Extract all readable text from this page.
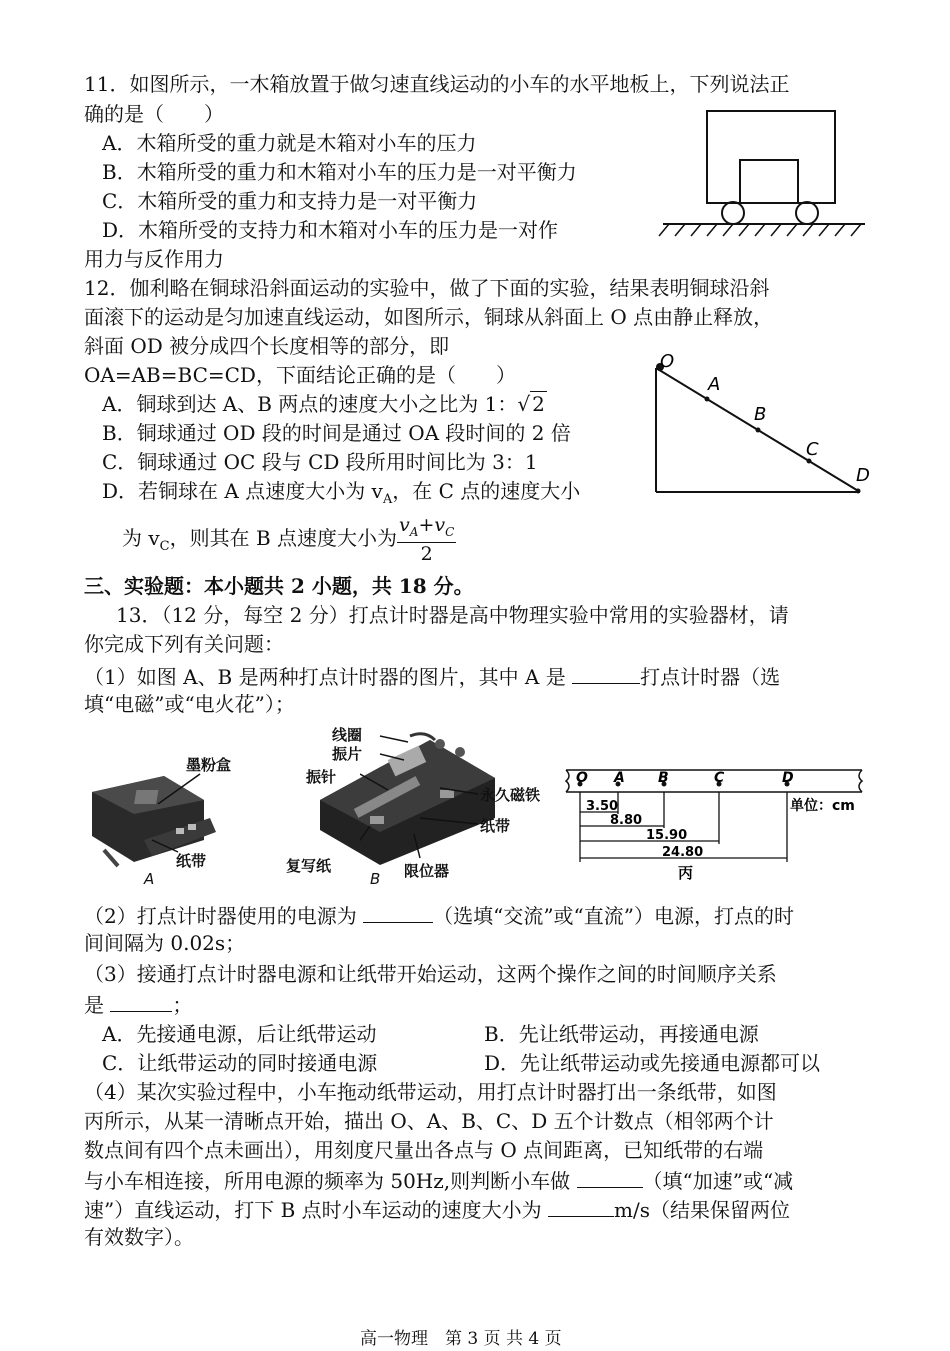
11．如图所示，一木箱放置于做匀速直线运动的小车的水平地板上，下列说法正
确的是（　　）
A．木箱所受的重力就是木箱对小车的压力
B．木箱所受的重力和木箱对小车的压力是一对平衡力
C．木箱所受的重力和支持力是一对平衡力
D．木箱所受的支持力和木箱对小车的压力是一对作
用力与反作用力
12．伽利略在铜球沿斜面运动的实验中，做了下面的实验，结果表明铜球沿斜
面滚下的运动是匀加速直线运动，如图所示，铜球从斜面上 O 点由静止释放，
斜面 OD 被分成四个长度相等的部分，即
OA=AB=BC=CD，下面结论正确的是（　　）
A．铜球到达 A、B 两点的速度大小之比为 1：√ 2
B．铜球通过 OD 段的时间是通过 OA 段时间的 2 倍
C．铜球通过 OC 段与 CD 段所用时间比为 3：1
D．若铜球在 A 点速度大小为 $v_A$，在 C 点的速度大小
为 $v_C$，则其在 B 点速度大小为 $\frac{v_A+v_C}{2}$
O
A
B
C
D
三、实验题：本小题共 2 小题，共 18 分。
13．（12 分，每空 2 分）打点计时器是高中物理实验中常用的实验器材，请
你完成下列有关问题：
（1）如图 A、B 是两种打点计时器的图片，其中 A 是	打点计时器（选
填“电磁”或“电火花”）；
墨粉盒
纸带
A
线圈
振片
振针
永久磁铁
纸带
复写纸	限位器
B
O A B	C	D
3.50
8.80
15.90
24.80
单位：cm
丙
（2）打点计时器使用的电源为	（选填“交流”或“直流”）电源，打点的时
间间隔为 0.02s；
（3）接通打点计时器电源和让纸带开始运动，这两个操作之间的时间顺序关系
是	；
A．先接通电源，后让纸带运动	B．先让纸带运动，再接通电源
C．让纸带运动的同时接通电源	D．先让纸带运动或先接通电源都可以
（4）某次实验过程中，小车拖动纸带运动，用打点计时器打出一条纸带，如图
丙所示，从某一清晰点开始，描出 O、A、B、C、D 五个计数点（相邻两个计
数点间有四个点未画出），用刻度尺量出各点与 O 点间距离，已知纸带的右端
与小车相连接，所用电源的频率为 50Hz,则判断小车做	（填“加速”或“减
速”）直线运动，打下 B 点时小车运动的速度大小为	m/s（结果保留两位
有效数字）。
高一物理　第 3 页 共 4 页
